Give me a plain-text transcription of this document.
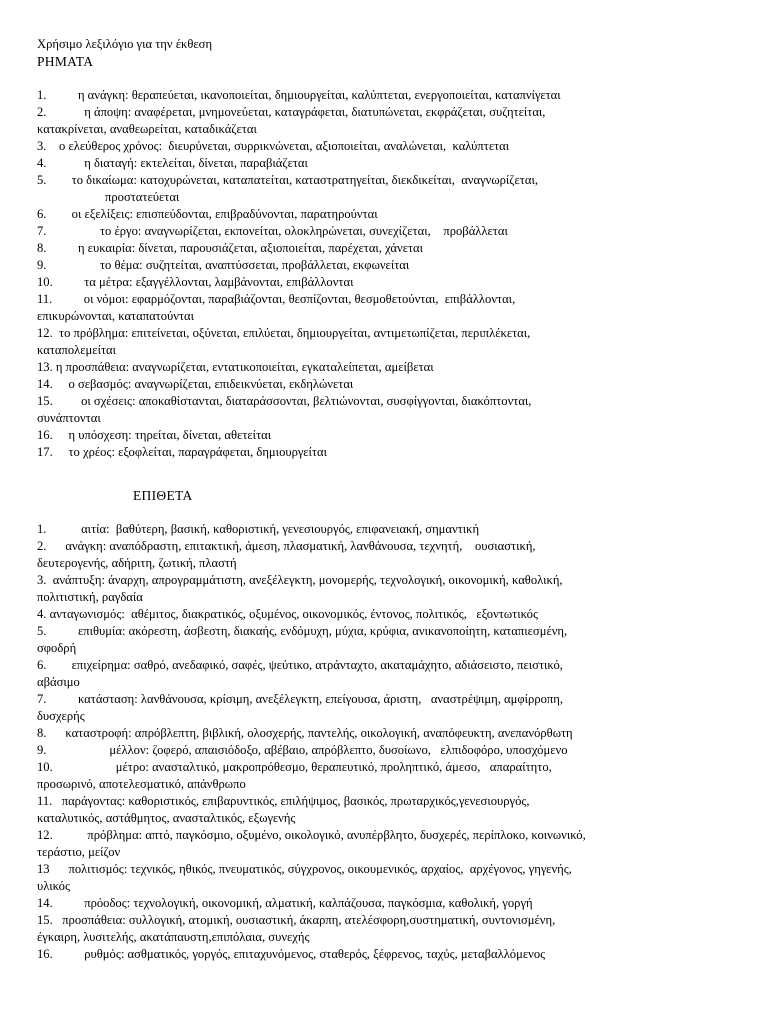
Χρήσιμο λεξιλόγιο για την έκθεση
ΡΗΜΑΤΑ
1.          η ανάγκη: θεραπεύεται, ικανοποιείται, δημιουργείται, καλύπτεται, ενεργοποιείται, καταπνίγεται
2.            η άποψη: αναφέρεται, μνημονεύεται, καταγράφεται, διατυπώνεται, εκφράζεται, συζητείται,
κατακρίνεται, αναθεωρείται, καταδικάζεται
3.    ο ελεύθερος χρόνος:  διευρύνεται, συρρικνώνεται, αξιοποιείται, αναλώνεται,  καλύπτεται
4.            η διαταγή: εκτελείται, δίνεται, παραβιάζεται
5.        το δικαίωμα: κατοχυρώνεται, καταπατείται, καταστρατηγείται, διεκδικείται,  αναγνωρίζεται,
προστατεύεται
6.        οι εξελίξεις: επισπεύδονται, επιβραδύνονται, παρατηρούνται
7.                 το έργο: αναγνωρίζεται, εκπονείται, ολοκληρώνεται, συνεχίζεται,    προβάλλεται
8.          η ευκαιρία: δίνεται, παρουσιάζεται, αξιοποιείται, παρέχεται, χάνεται
9.                 το θέμα: συζητείται, αναπτύσσεται, προβάλλεται, εκφωνείται
10.          τα μέτρα: εξαγγέλλονται, λαμβάνονται, επιβάλλονται
11.          οι νόμοι: εφαρμόζονται, παραβιάζονται, θεσπίζονται, θεσμοθετούνται,  επιβάλλονται,
επικυρώνονται, καταπατούνται
12.  το πρόβλημα: επιτείνεται, οξύνεται, επιλύεται, δημιουργείται, αντιμετωπίζεται, περιπλέκεται,
καταπολεμείται
13. η προσπάθεια: αναγνωρίζεται, εντατικοποιείται, εγκαταλείπεται, αμείβεται
14.     ο σεβασμός: αναγνωρίζεται, επιδεικνύεται, εκδηλώνεται
15.         οι σχέσεις: αποκαθίστανται, διαταράσσονται, βελτιώνονται, συσφίγγονται, διακόπτονται,
συνάπτονται
16.     η υπόσχεση: τηρείται, δίνεται, αθετείται
17.     το χρέος: εξοφλείται, παραγράφεται, δημιουργείται
ΕΠΙΘΕΤΑ
1.           αιτία:  βαθύτερη, βασική, καθοριστική, γενεσιουργός, επιφανειακή, σημαντική
2.      ανάγκη: αναπόδραστη, επιτακτική, άμεση, πλασματική, λανθάνουσα, τεχνητή,    ουσιαστική,
δευτερογενής, αδήριτη, ζωτική, πλαστή
3.  ανάπτυξη: άναρχη, απρογραμμάτιστη, ανεξέλεγκτη, μονομερής, τεχνολογική, οικονομική, καθολική,
πολιτιστική, ραγδαία
4. ανταγωνισμός:  αθέμιτος, διακρατικός, οξυμένος, οικονομικός, έντονος, πολιτικός,   εξοντωτικός
5.          επιθυμία: ακόρεστη, άσβεστη, διακαής, ενδόμυχη, μύχια, κρύφια, ανικανοποίητη, καταπιεσμένη,
σφοδρή
6.        επιχείρημα: σαθρό, ανεδαφικό, σαφές, ψεύτικο, ατράνταχτο, ακαταμάχητο, αδιάσειστο, πειστικό,
αβάσιμο
7.          κατάσταση: λανθάνουσα, κρίσιμη, ανεξέλεγκτη, επείγουσα, άριστη,   αναστρέψιμη, αμφίρροπη,
δυσχερής
8.      καταστροφή: απρόβλεπτη, βιβλική, ολοσχερής, παντελής, οικολογική, αναπόφευκτη, ανεπανόρθωτη
9.                    μέλλον: ζοφερό, απαισιόδοξο, αβέβαιο, απρόβλεπτο, δυσοίωνο,   ελπιδοφόρο, υποσχόμενο
10.                    μέτρο: ανασταλτικό, μακροπρόθεσμο, θεραπευτικό, προληπτικό, άμεσο,   απαραίτητο,
προσωρινό, αποτελεσματικό, απάνθρωπο
11.   παράγοντας: καθοριστικός, επιβαρυντικός, επιλήψιμος, βασικός, πρωταρχικός,γενεσιουργός,
καταλυτικός, αστάθμητος, ανασταλτικός, εξωγενής
12.           πρόβλημα: απτό, παγκόσμιο, οξυμένο, οικολογικό, ανυπέρβλητο, δυσχερές, περίπλοκο, κοινωνικό,
τεράστιο, μείζον
13      πολιτισμός: τεχνικός, ηθικός, πνευματικός, σύγχρονος, οικουμενικός, αρχαίος,  αρχέγονος, γηγενής,
υλικός
14.          πρόοδος: τεχνολογική, οικονομική, αλματική, καλπάζουσα, παγκόσμια, καθολική, γοργή
15.   προσπάθεια: συλλογική, ατομική, ουσιαστική, άκαρπη, ατελέσφορη,συστηματική, συντονισμένη,
έγκαιρη, λυσιτελής, ακατάπαυστη,επιπόλαια, συνεχής
16.          ρυθμός: ασθματικός, γοργός, επιταχυνόμενος, σταθερός, ξέφρενος, ταχύς, μεταβαλλόμενος
